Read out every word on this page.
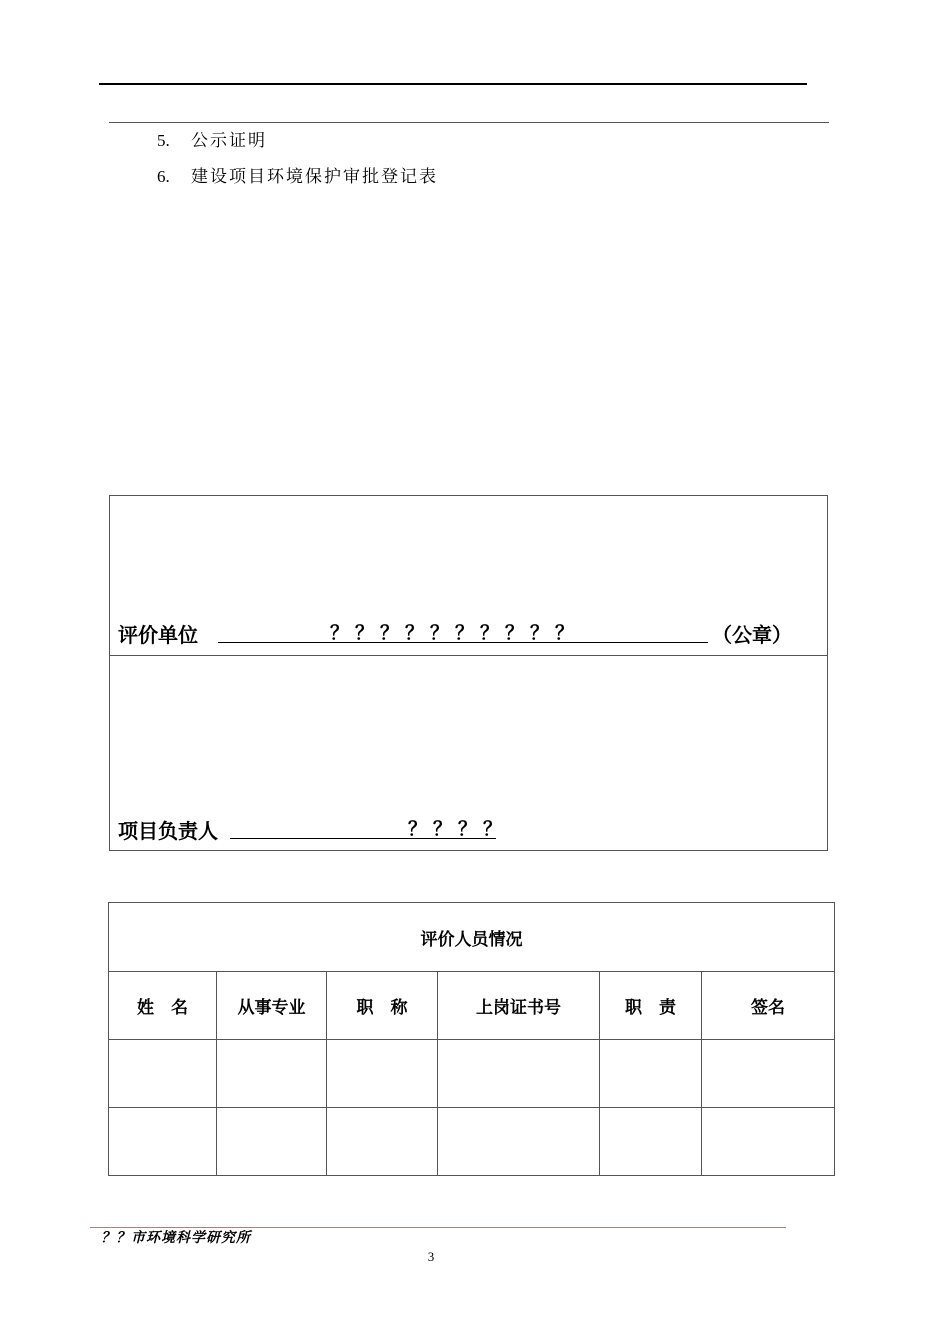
5. 公示证明
6. 建设项目环境保护审批登记表
评价单位	？？？？？？？？？？	（公章）
项目负责人	？？？？
评价人员情况					
姓　名	从事专业	职　称	上岗证书号	职　责	签名

？？市环境科学研究所
3
